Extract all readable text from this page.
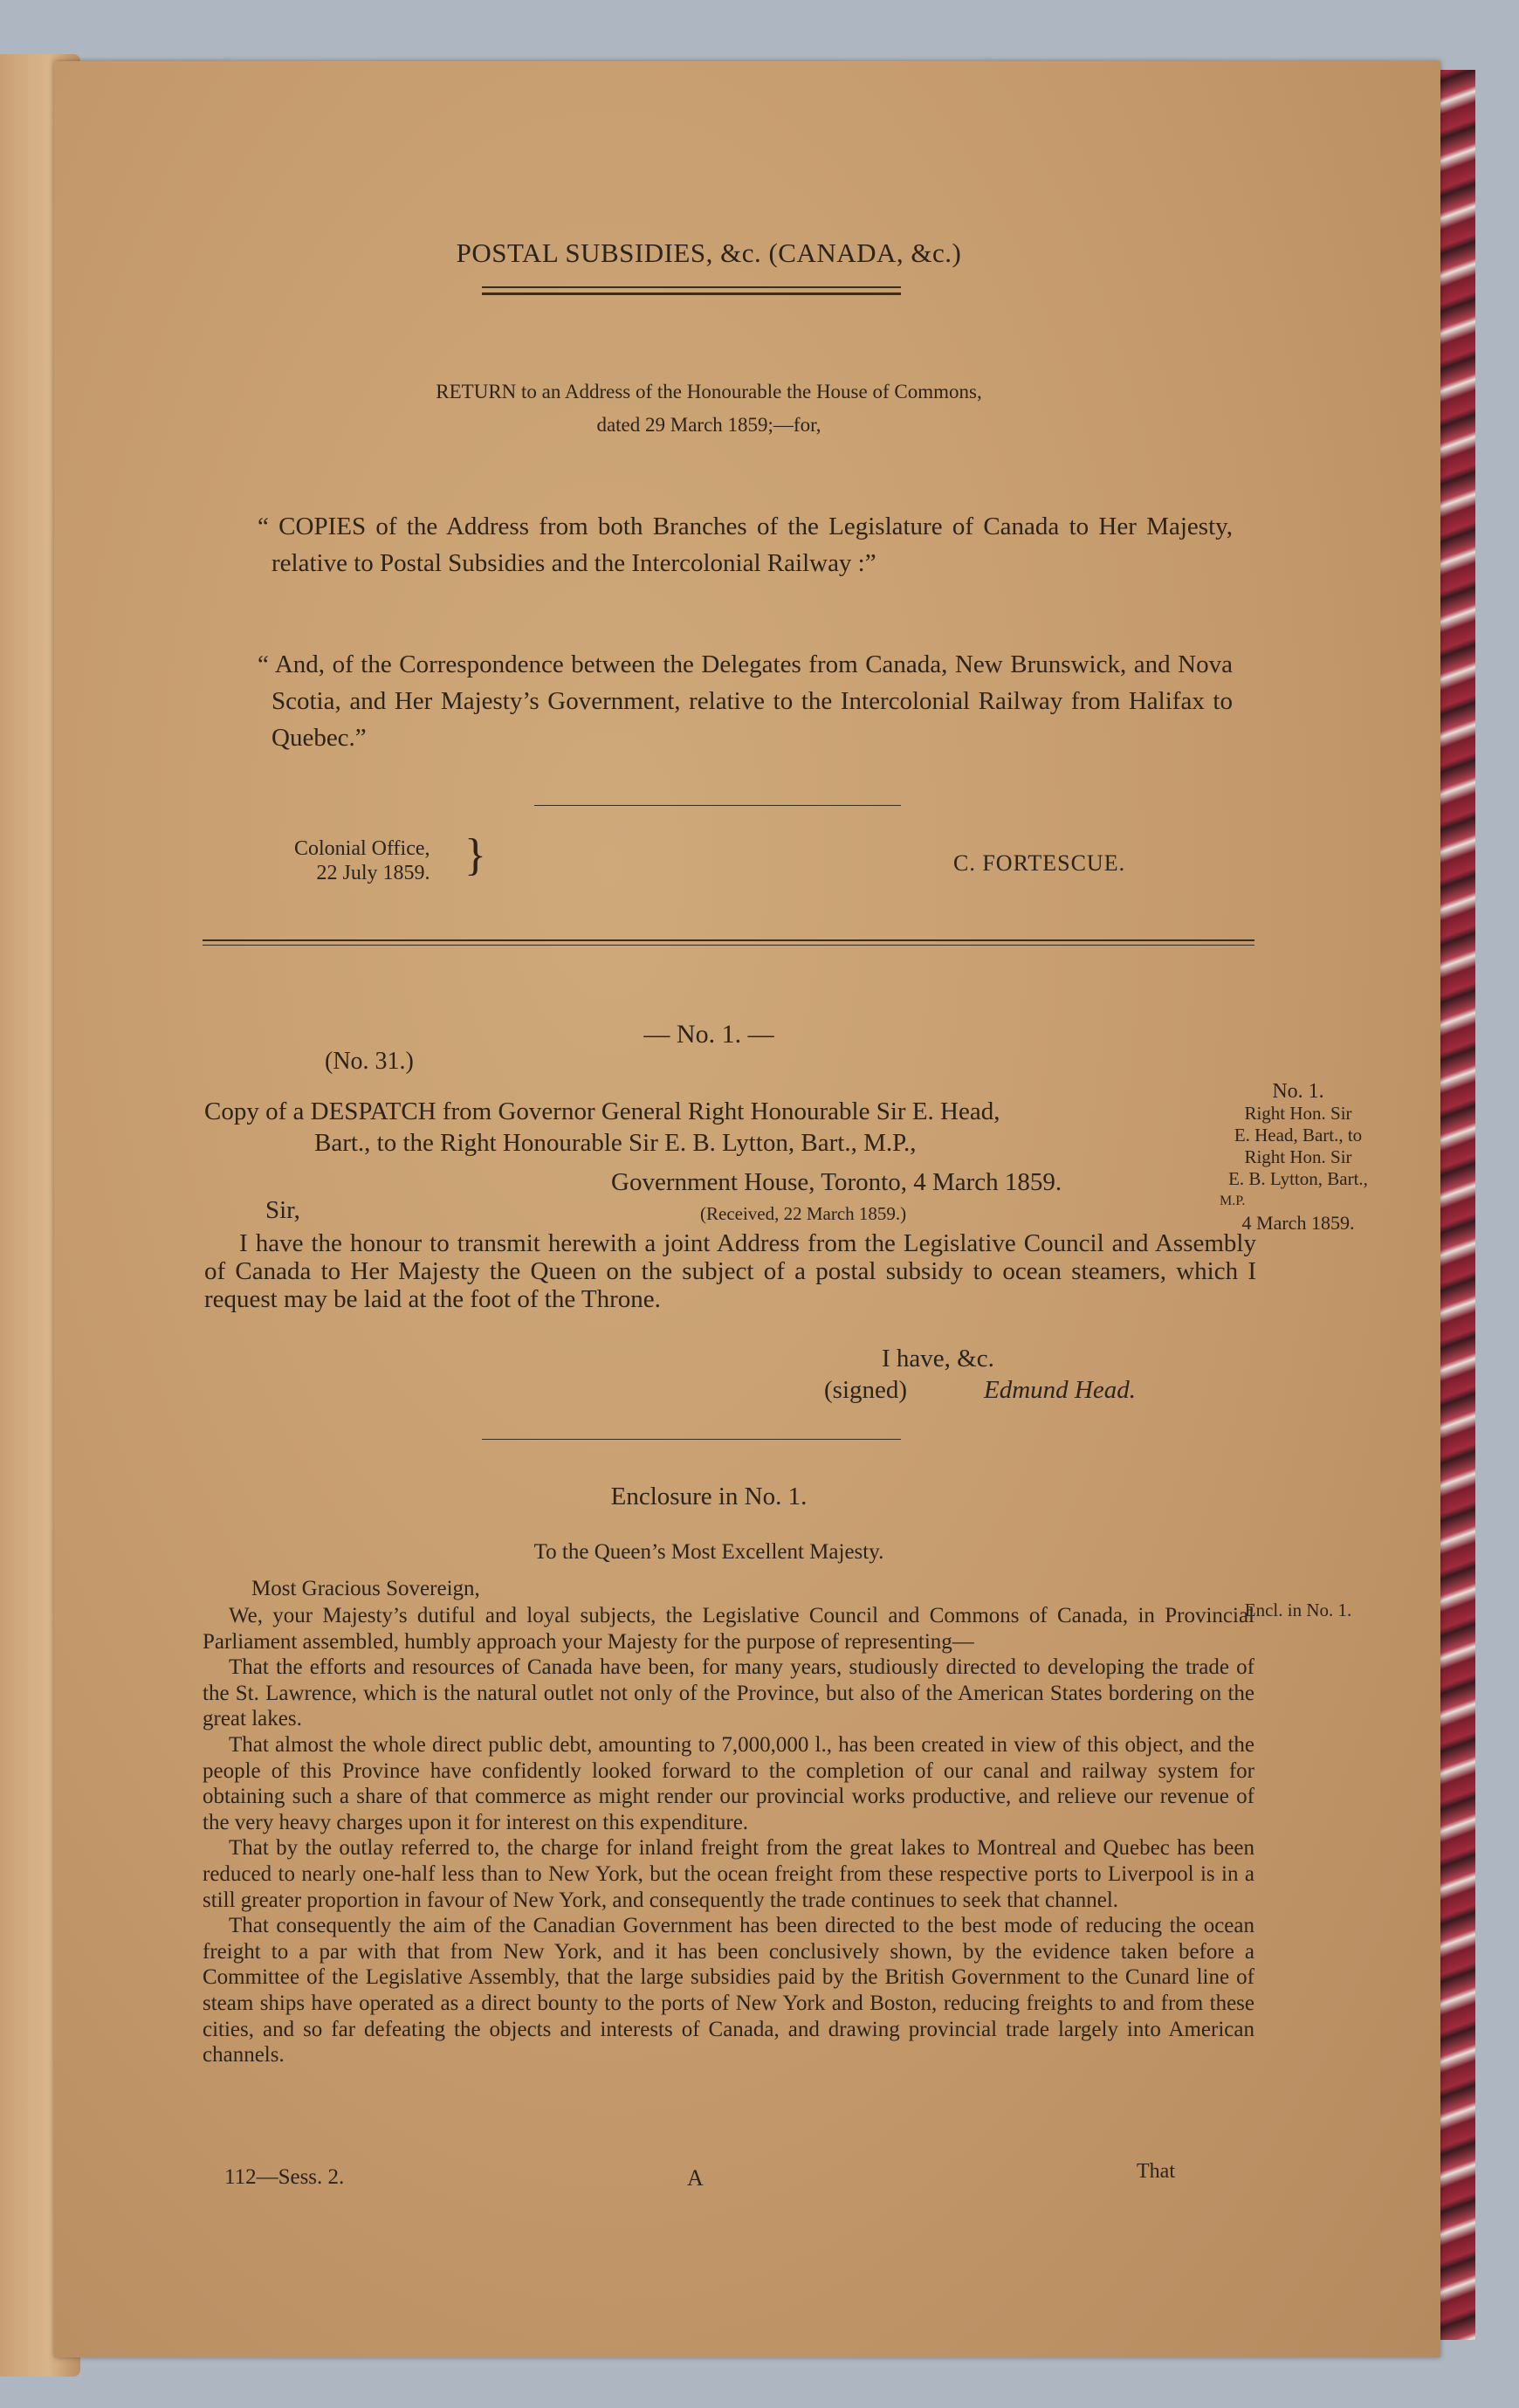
POSTAL SUBSIDIES, &c. (CANADA, &c.)
RETURN to an Address of the Honourable the House of Commons,
dated 29 March 1859;—for,

“ COPIES of the Address from both Branches of the Legislature of Canada to Her Majesty, relative to Postal Subsidies and the Intercolonial Railway :”

“ And, of the Correspondence between the Delegates from Canada, New Brunswick, and Nova Scotia, and Her Majesty’s Government, relative to the Intercolonial Railway from Halifax to Quebec.”

Colonial Office,
22 July 1859. }	C. FORTESCUE.
— No. 1. —
(No. 31.)
Copy of a DESPATCH from Governor General Right Honourable Sir E. Head,
Bart., to the Right Honourable Sir E. B. Lytton, Bart., M.P.,
Government House, Toronto, 4 March 1859.
Sir,	(Received, 22 March 1859.)
I have the honour to transmit herewith a joint Address from the Legislative Council and Assembly of Canada to Her Majesty the Queen on the subject of a postal subsidy to ocean steamers, which I request may be laid at the foot of the Throne.
I have, &c.
(signed)	Edmund Head.
No. 1.
Right Hon. Sir
E. Head, Bart., to
Right Hon. Sir
E. B. Lytton, Bart.,
M.P.
4 March 1859.
Encl. in No. 1.
Enclosure in No. 1.
To the Queen’s Most Excellent Majesty.
Most Gracious Sovereign,

We, your Majesty’s dutiful and loyal subjects, the Legislative Council and Commons of Canada, in Provincial Parliament assembled, humbly approach your Majesty for the purpose of representing—

That the efforts and resources of Canada have been, for many years, studiously directed to developing the trade of the St. Lawrence, which is the natural outlet not only of the Province, but also of the American States bordering on the great lakes.

That almost the whole direct public debt, amounting to 7,000,000 l., has been created in view of this object, and the people of this Province have confidently looked forward to the completion of our canal and railway system for obtaining such a share of that commerce as might render our provincial works productive, and relieve our revenue of the very heavy charges upon it for interest on this expenditure.

That by the outlay referred to, the charge for inland freight from the great lakes to Montreal and Quebec has been reduced to nearly one-half less than to New York, but the ocean freight from these respective ports to Liverpool is in a still greater proportion in favour of New York, and consequently the trade continues to seek that channel.

That consequently the aim of the Canadian Government has been directed to the best mode of reducing the ocean freight to a par with that from New York, and it has been conclusively shown, by the evidence taken before a Committee of the Legislative Assembly, that the large subsidies paid by the British Government to the Cunard line of steam ships have operated as a direct bounty to the ports of New York and Boston, reducing freights to and from these cities, and so far defeating the objects and interests of Canada, and drawing provincial trade largely into American channels.

112—Sess. 2.	A	That
